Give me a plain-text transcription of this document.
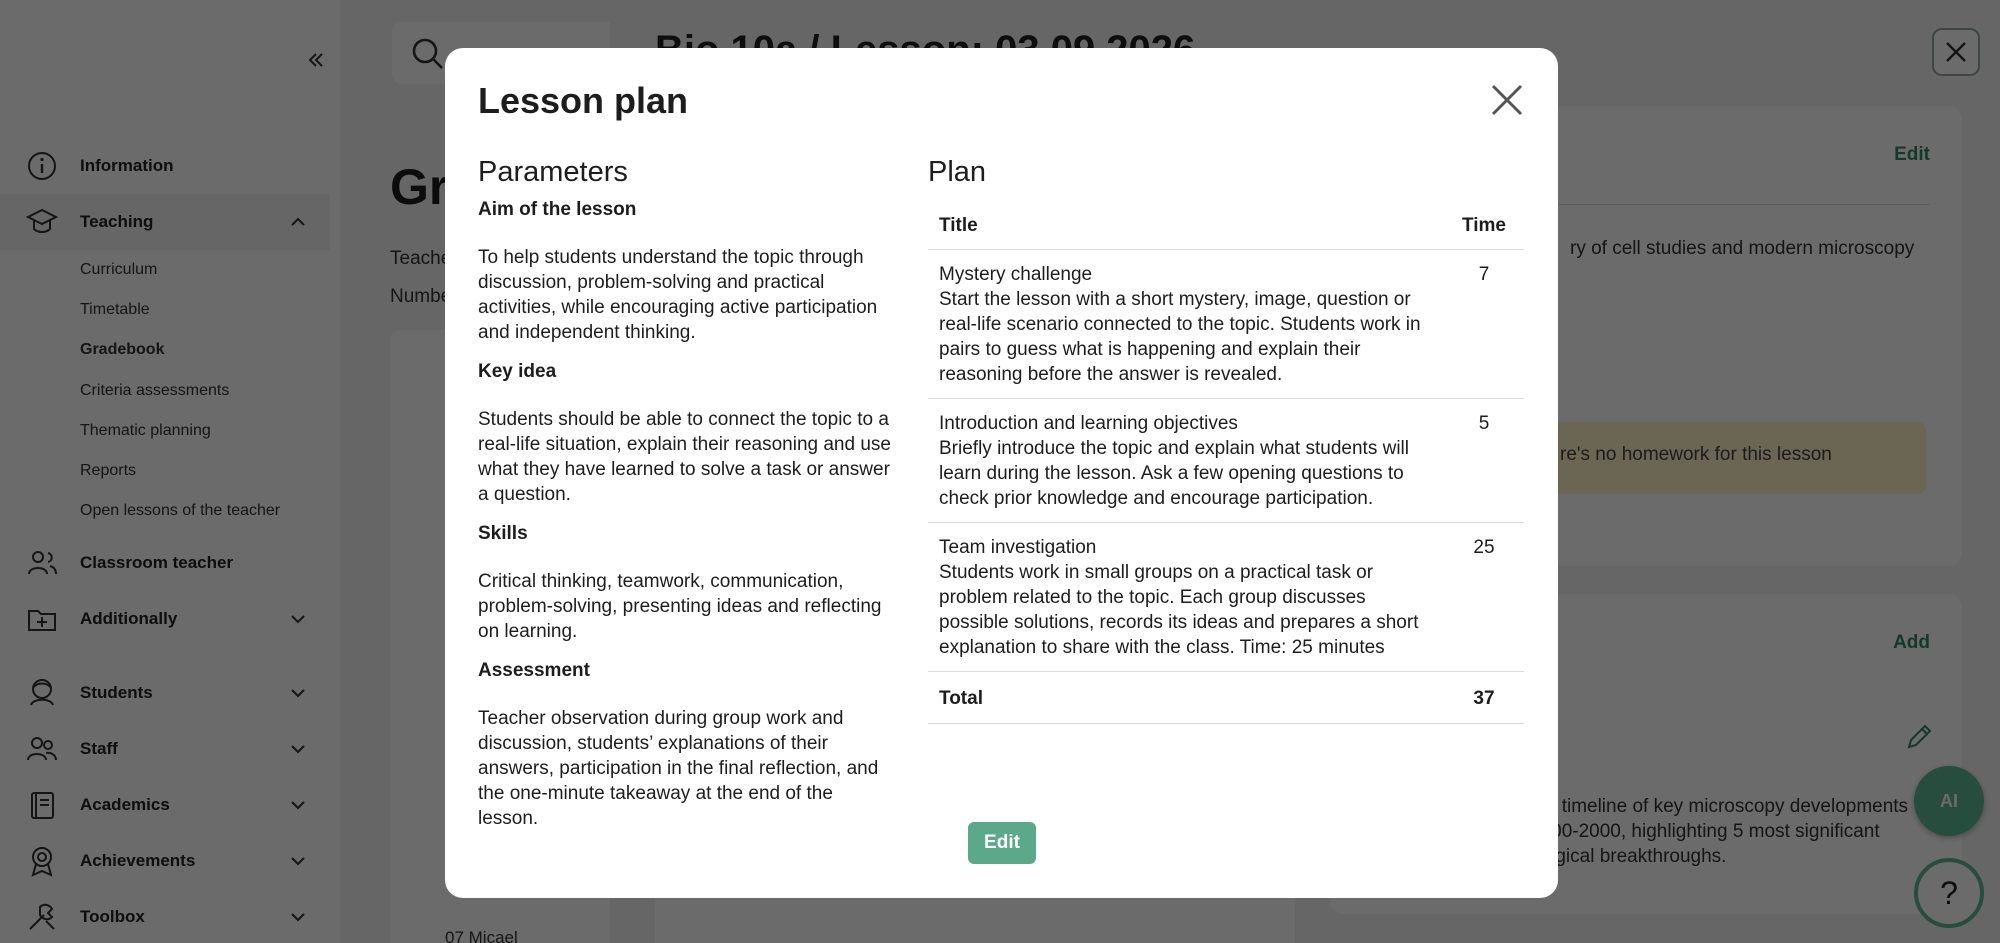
Lesson plan
Parameters
Aim of the lesson

To help students understand the topic through discussion, problem-solving and practical activities, while encouraging active participation and independent thinking.

Key idea

Students should be able to connect the topic to a real-life situation, explain their reasoning and use what they have learned to solve a task or answer a question.

Skills

Critical thinking, teamwork, communication, problem-solving, presenting ideas and reflecting on learning.

Assessment

Teacher observation during group work and discussion, students’ explanations of their answers, participation in the final reflection, and the one-minute takeaway at the end of the lesson.

Plan
Title	Time

Mystery challenge
Start the lesson with a short mystery, image, question or real-life scenario connected to the topic. Students work in pairs to guess what is happening and explain their reasoning before the answer is revealed.	7

Introduction and learning objectives
Briefly introduce the topic and explain what students will learn during the lesson. Ask a few opening questions to check prior knowledge and encourage participation.	5

Team investigation
Students work in small groups on a practical task or problem related to the topic. Each group discusses possible solutions, records its ideas and prepares a short explanation to share with the class. Time: 25 minutes	25
Total	37
Edit
